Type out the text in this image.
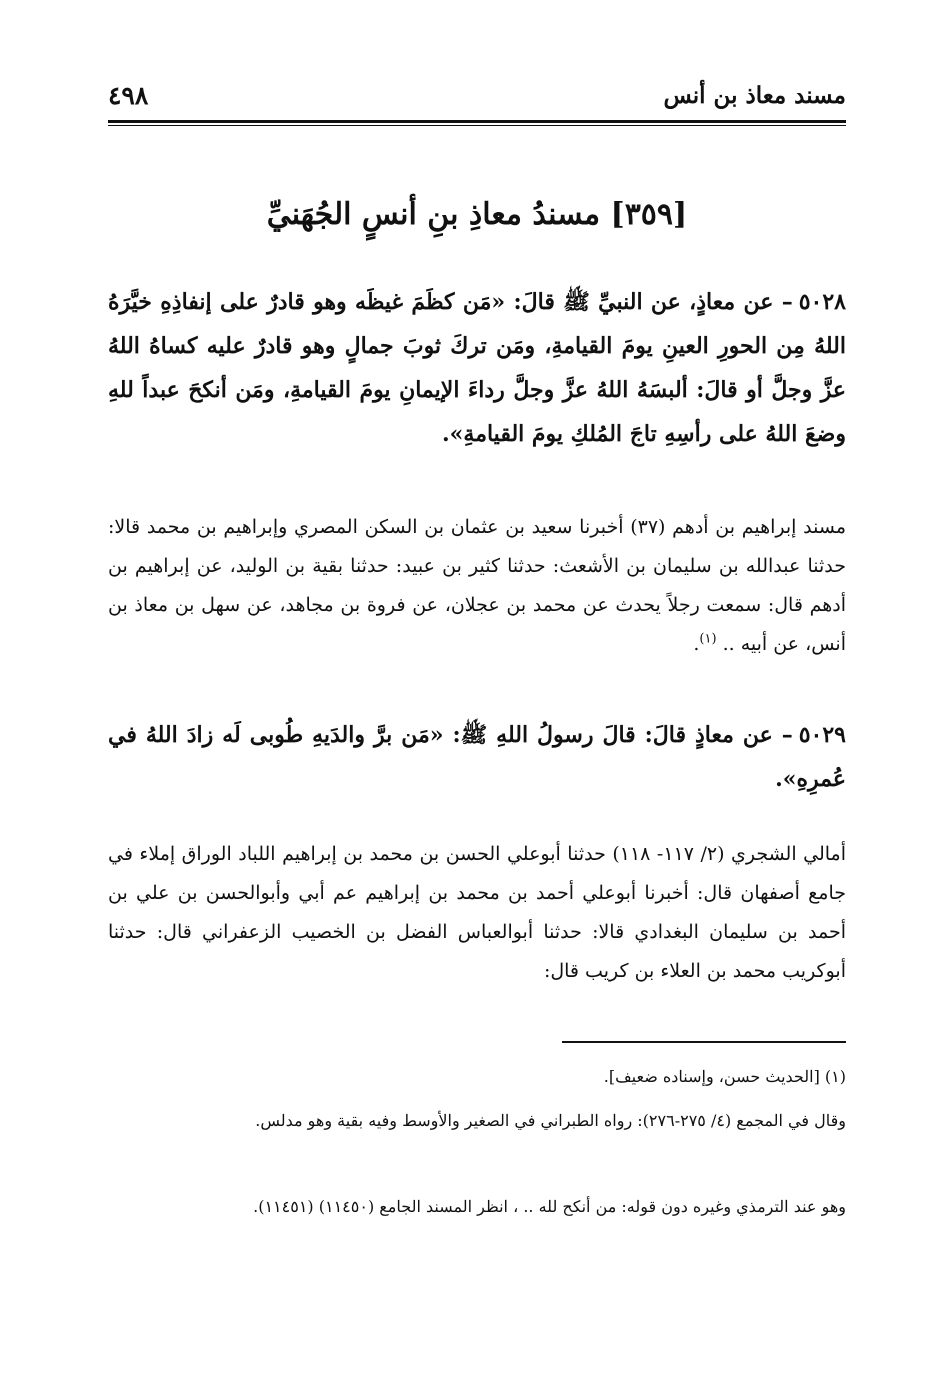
مسند معاذ بن أنس
٤٩٨
[٣٥٩] مسندُ معاذِ بنِ أنسٍ الجُهَنيِّ
٥٠٢٨– عن معاذٍ، عن النبيِّ ﷺ قالَ: «مَن كظَمَ غيظَه وهو قادرٌ على إنفاذِهِ خيَّرَهُ اللهُ مِن الحورِ العينِ يومَ القيامةِ، ومَن تركَ ثوبَ جمالٍ وهو قادرٌ عليه كساهُ اللهُ عزَّ وجلَّ أو قالَ: ألبسَهُ اللهُ عزَّ وجلَّ رداءَ الإيمانِ يومَ القيامةِ، ومَن أنكحَ عبداً للهِ وضعَ اللهُ على رأسِهِ تاجَ المُلكِ يومَ القيامةِ».
مسند إبراهيم بن أدهم (٣٧) أخبرنا سعيد بن عثمان بن السكن المصري وإبراهيم بن محمد قالا: حدثنا عبدالله بن سليمان بن الأشعث: حدثنا كثير بن عبيد: حدثنا بقية بن الوليد، عن إبراهيم بن أدهم قال: سمعت رجلاً يحدث عن محمد بن عجلان، عن فروة بن مجاهد، عن سهل بن معاذ بن أنس، عن أبيه .. $^{(١)}$.
٥٠٢٩– عن معاذٍ قالَ: قالَ رسولُ اللهِ ﷺ: «مَن برَّ والدَيهِ طُوبى لَه زادَ اللهُ في عُمرِهِ».
أمالي الشجري (٢/ ١١٧- ١١٨) حدثنا أبوعلي الحسن بن محمد بن إبراهيم اللباد الوراق إملاء في جامع أصفهان قال: أخبرنا أبوعلي أحمد بن محمد بن إبراهيم عم أبي وأبوالحسن بن علي بن أحمد بن سليمان البغدادي قالا: حدثنا أبوالعباس الفضل بن الخصيب الزعفراني قال: حدثنا أبوكريب محمد بن العلاء بن كريب قال:
(١) [الحديث حسن، وإسناده ضعيف].
وقال في المجمع (٤/ ٢٧٥-٢٧٦): رواه الطبراني في الصغير والأوسط وفيه بقية وهو مدلس.
وهو عند الترمذي وغيره دون قوله: من أنكح لله .. ، انظر المسند الجامع (١١٤٥٠) (١١٤٥١).
